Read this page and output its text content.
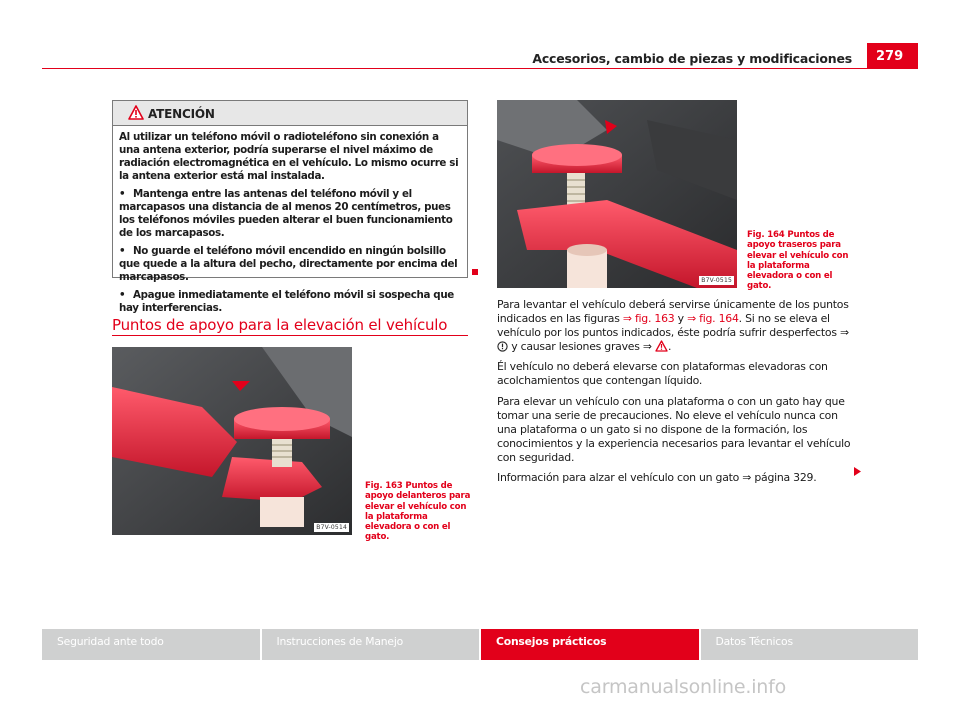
Accesorios, cambio de piezas y modificaciones	279
ATENCIÓN

Al utilizar un teléfono móvil o radioteléfono sin conexión a una antena exterior, podría superarse el nivel máximo de radiación electromagnética en el vehículo. Lo mismo ocurre si la antena exterior está mal instalada.

• Mantenga entre las antenas del teléfono móvil y el marcapasos una distancia de al menos 20 centímetros, pues los teléfonos móviles pueden alterar el buen funcionamiento de los marcapasos.

• No guarde el teléfono móvil encendido en ningún bolsillo que quede a la altura del pecho, directamente por encima del marcapasos.

• Apague inmediatamente el teléfono móvil si sospecha que hay interferencias.

Puntos de apoyo para la elevación el vehículo
B7V-0514
Fig. 163 Puntos de apoyo delanteros para elevar el vehículo con la plataforma elevadora o con el gato.
B7V-0515
Fig. 164 Puntos de apoyo traseros para elevar el vehículo con la plataforma elevadora o con el gato.

Para levantar el vehículo deberá servirse únicamente de los puntos indicados en las figuras ⇒ fig. 163 y ⇒ fig. 164. Si no se eleva el vehículo por los puntos indicados, éste podría sufrir desperfectos ⇒  y causar lesiones graves ⇒ .

Él vehículo no deberá elevarse con plataformas elevadoras con acolchamientos que contengan líquido.

Para elevar un vehículo con una plataforma o con un gato hay que tomar una serie de precauciones. No eleve el vehículo nunca con una plataforma o un gato si no dispone de la formación, los conocimientos y la experiencia necesarios para levantar el vehículo con seguridad.

Información para alzar el vehículo con un gato ⇒ página 329.

Seguridad ante todo	Instrucciones de Manejo	Consejos prácticos	Datos Técnicos
carmanualsonline.info
